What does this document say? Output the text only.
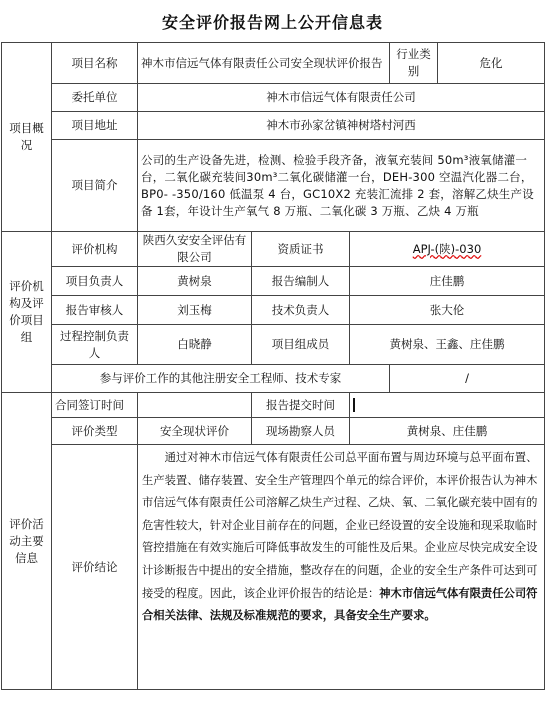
安全评价报告网上公开信息表
项目概况	项目名称	神木市信远气体有限责任公司安全现状评价报告			行业类别	危化
	委托单位	神木市信远气体有限责任公司				
	项目地址	神木市孙家岔镇神树塔村河西				
	项目简介	公司的生产设备先进，检测、检验手段齐备，液氧充装间 50m³液氧储灌一台，二氧化碳充装间30m³二氧化碳储灌一台，DEH-300 空温汽化器二台，BP0- -350/160 低温泵 4 台，GC10X2 充装汇流排 2 套，溶解乙炔生产设备 1套，年设计生产氧气 8 万瓶、二氧化碳 3 万瓶、乙炔 4 万瓶				
评价机构及评价项目组	评价机构	陕西久安安全评估有限公司	资质证书	APJ-(陕)-030		
	项目负责人	黄树泉	报告编制人	庄佳鹏		
	报告审核人	刘玉梅	技术负责人	张大伦		
	过程控制负责人	白晓静	项目组成员	黄树泉、王鑫、庄佳鹏		
	参与评价工作的其他注册安全工程师、技术专家				/	
评价活动主要信息	合同签订时间		报告提交时间			
	评价类型	安全现状评价	现场勘察人员	黄树泉、庄佳鹏		
	评价结论	通过对神木市信远气体有限责任公司总平面布置与周边环境与总平面布置、生产装置、储存装置、安全生产管理四个单元的综合评价，本评价报告认为神木市信远气体有限责任公司溶解乙炔生产过程、乙炔、氧、二氧化碳充装中固有的危害性较大，针对企业目前存在的问题，企业已经设置的安全设施和现采取临时管控措施在有效实施后可降低事故发生的可能性及后果。企业应尽快完成安全设计诊断报告中提出的安全措施，整改存在的问题，企业的安全生产条件可达到可接受的程度。因此，该企业评价报告的结论是：神木市信远气体有限责任公司符合相关法律、法规及标准规范的要求，具备安全生产要求。				
